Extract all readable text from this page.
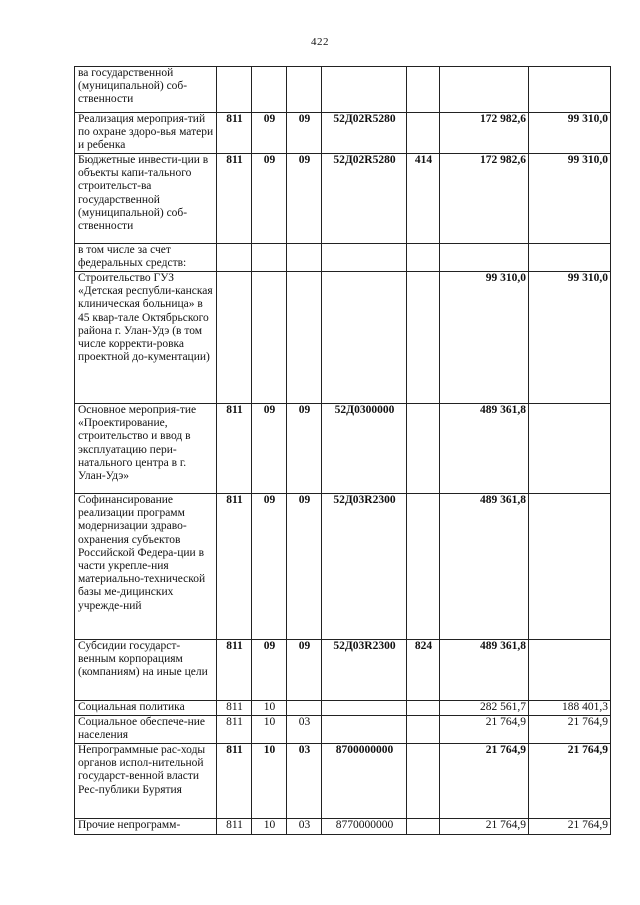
422
ва государственной (муниципальной) соб-ственности							
Реализация мероприя-тий по охране здоро-вья матери и ребенка	811	09	09	52Д02R5280		172 982,6	99 310,0
Бюджетные инвести-ции в объекты капи-тального строительст-ва государственной (муниципальной) соб-ственности	811	09	09	52Д02R5280	414	172 982,6	99 310,0
в том числе за счет федеральных средств:							
Строительство ГУЗ «Детская республи-канская клиническая больница» в 45 квар-тале Октябрьского района г. Улан-Удэ (в том числе корректи-ровка проектной до-кументации)						99 310,0	99 310,0
Основное мероприя-тие «Проектирование, строительство и ввод в эксплуатацию пери-натального центра в г. Улан-Удэ»	811	09	09	52Д0300000		489 361,8	
Софинансирование реализации программ модернизации здраво-охранения субъектов Российской Федера-ции в части укрепле-ния материально-технической базы ме-дицинских учрежде-ний	811	09	09	52Д03R2300		489 361,8	
Субсидии государст-венным корпорациям (компаниям) на иные цели	811	09	09	52Д03R2300	824	489 361,8	
Социальная политика	811	10				282 561,7	188 401,3
Социальное обеспече-ние населения	811	10	03			21 764,9	21 764,9
Непрограммные рас-ходы органов испол-нительной государст-венной власти Рес-публики Бурятия	811	10	03	8700000000		21 764,9	21 764,9
Прочие непрограмм-	811	10	03	8770000000		21 764,9	21 764,9
